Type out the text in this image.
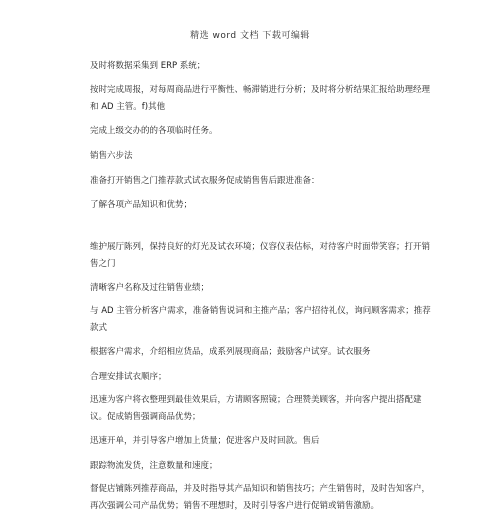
精选 word 文档 下载可编辑

及时将数据采集到 ERP 系统；

按时完成周报，对每周商品进行平衡性、畅滞销进行分析；及时将分析结果汇报给助理经理和 AD 主管。f)其他

完成上级交办的的各项临时任务。

销售六步法

准备打开销售之门推荐款式试衣服务促成销售售后跟进准备：

了解各项产品知识和优势；

维护展厅陈列，保持良好的灯光及试衣环境；仪容仪表估标，对待客户时面带笑容；打开销售之门

清晰客户名称及过往销售业绩；

与 AD 主管分析客户需求，准备销售说词和主推产品；客户招待礼仪，询问顾客需求；推荐款式

根据客户需求，介绍相应货品，成系列展现商品；鼓励客户试穿。试衣服务

合理安排试衣顺序；

迅速为客户将衣整理到最佳效果后，方请顾客照镜；合理赞美顾客，并向客户提出搭配建议。促成销售强调商品优势；

迅速开单，并引导客户增加上货量；促进客户及时回款。售后

跟踪物流发货，注意数量和速度；

督促店铺陈列推荐商品，并及时指导其产品知识和销售技巧；产生销售时，及时告知客户，再次强调公司产品优势；销售不理想时，及时引导客户进行促销或销售激励。
